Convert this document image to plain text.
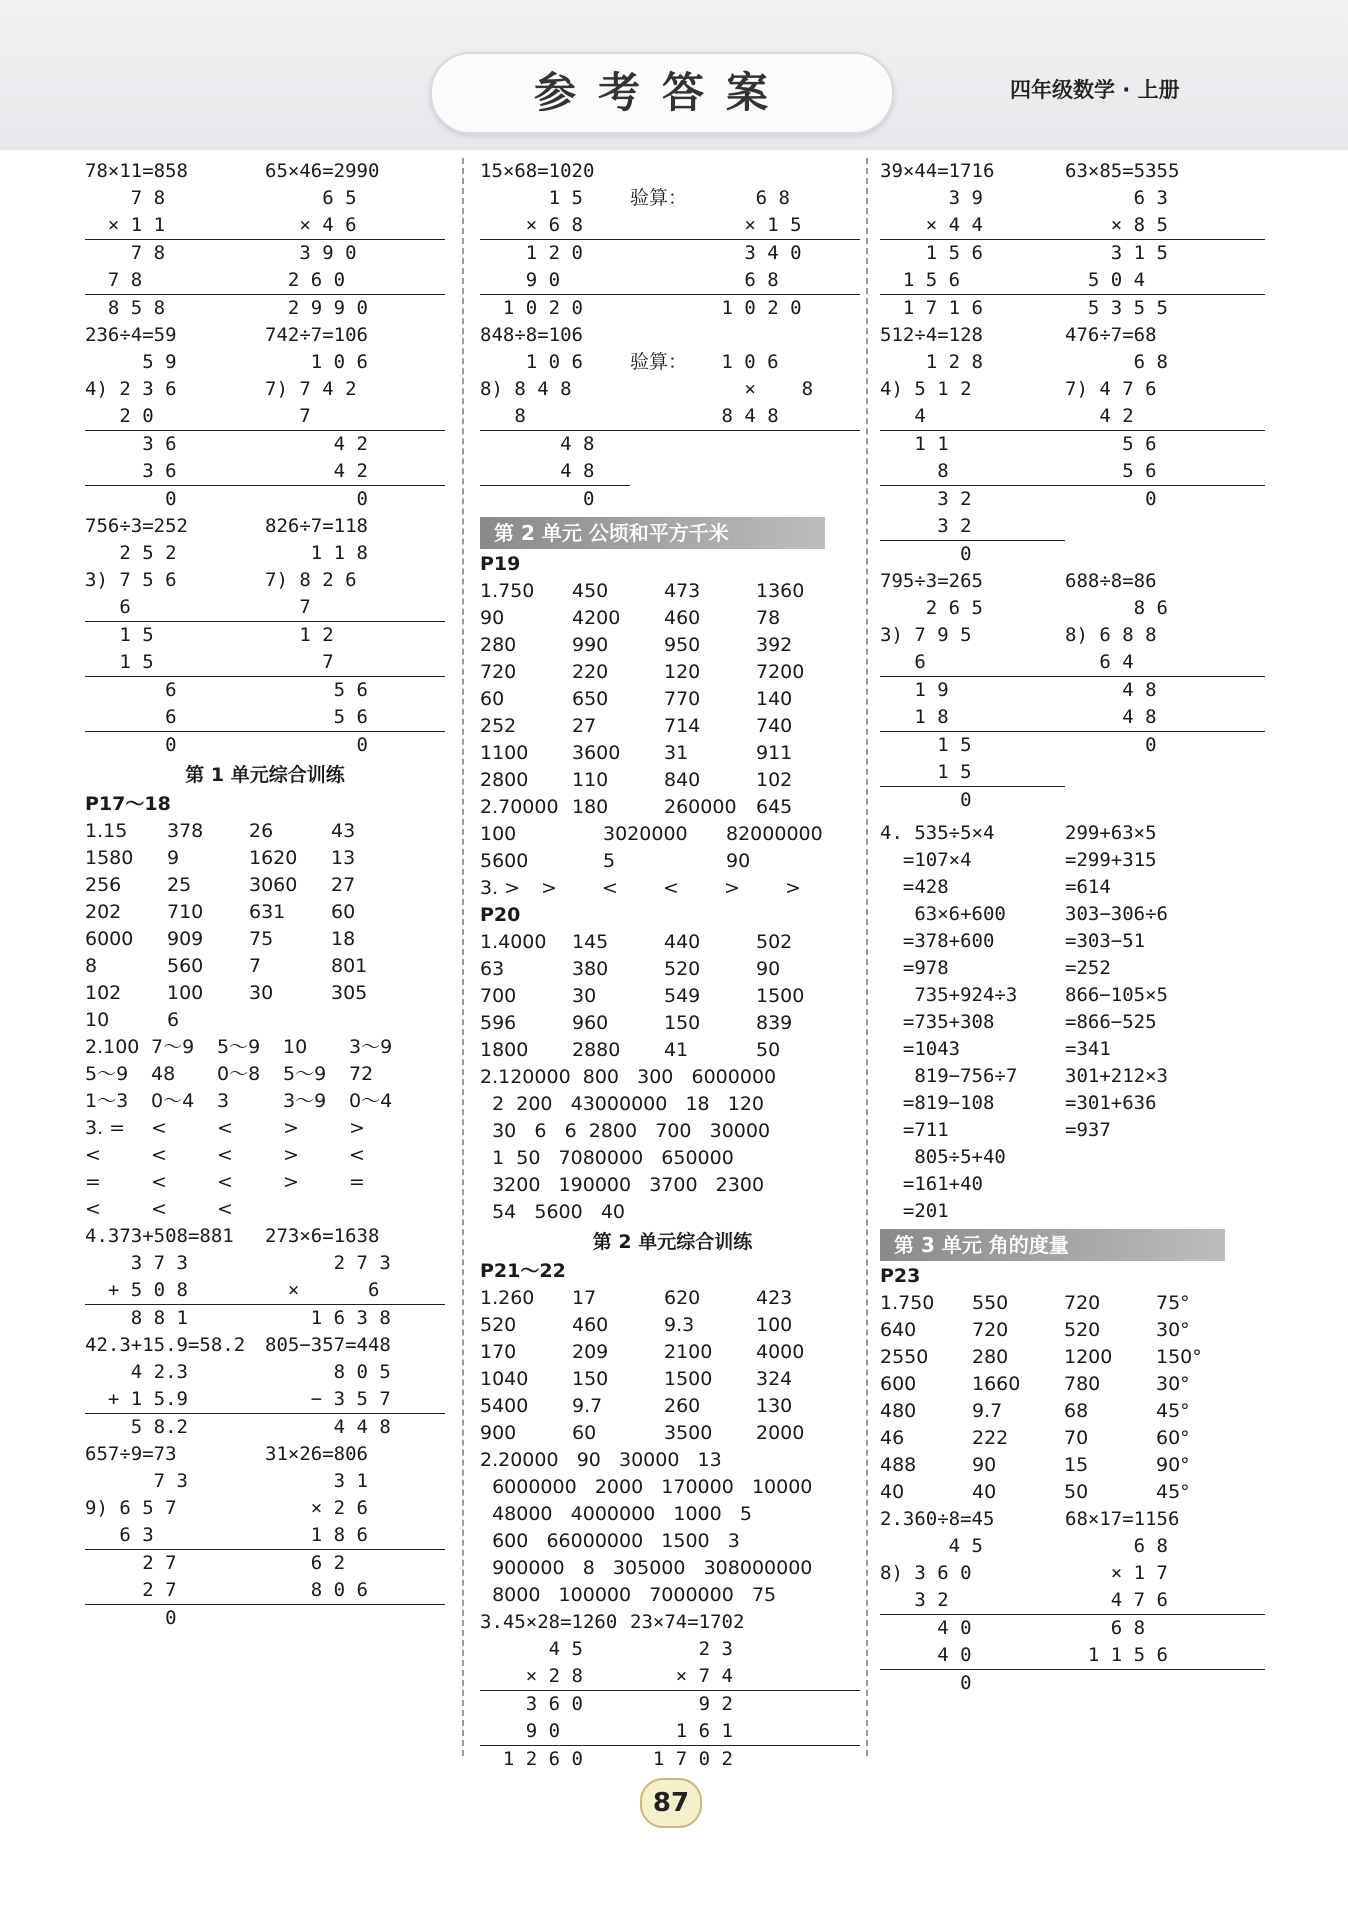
参考答案	四年级数学 · 上册
78×11=858	65×46=2990
7 8	6 5
× 1 1	× 4 6
7 8	3 9 0
7 8	2 6 0
8 5 8	2 9 9 0
236÷4=59	742÷7=106
5 9	1 0 6
4) 2 3 6	7) 7 4 2
2 0	7
3 6	4 2
3 6	4 2
0	0
756÷3=252	826÷7=118
2 5 2	1 1 8
3) 7 5 6	7) 8 2 6
6	7
1 5	1 2
1 5	7
6	5 6
6	5 6
0	0
第 1 单元综合训练
P17～18
1.15	378	26	43
1580	9	1620	13
256	25	3060	27
202	710	631	60
6000	909	75	18
8	560	7	801
102	100	30	305
10	6
2.100 7～9	5～9	10	3～9
5～9	48	0～8	5～9	72
1～3	0～4	3	3～9	0～4
3. =	<	<	>	>
<	<	<	>	<
=	<	<	>	=
<	<	<
4.373+508=881	273×6=1638
3 7 3	2 7 3
+ 5 0 8	×      6
8 8 1	1 6 3 8
42.3+15.9=58.2	805−357=448
4 2.3	8 0 5
+ 1 5.9	− 3 5 7
5 8.2	4 4 8
657÷9=73	31×26=806
7 3	3 1
9) 6 5 7	× 2 6
6 3	1 8 6
2 7	6 2
2 7	8 0 6
0
15×68=1020
1 5	验算：      6 8
× 6 8	× 1 5
1 2 0	3 4 0
9 0	6 8
1 0 2 0	1 0 2 0
848÷8=106
1 0 6	验算：   1 0 6
8) 8 4 8	×    8
8	8 4 8
4 8
4 8
0
第 2 单元 公顷和平方千米
P19
1.750	450	473	1360
90	4200	460	78
280	990	950	392
720	220	120	7200
60	650	770	140
252	27	714	740
1100	3600	31	911
2800	110	840	102
2.70000 180	260000	645
100	3020000	82000000
5600	5	90
3. >	>	<	<	>	>
P20
1.4000	145	440	502
63	380	520	90
700	30	549	1500
596	960	150	839
1800	2880	41	50
2.120000  800   300   6000000
2  200   43000000   18   120
30   6   6  2800   700   30000
1  50   7080000   650000
3200   190000   3700   2300
54   5600   40
第 2 单元综合训练
P21～22
1.260	17	620	423
520	460	9.3	100
170	209	2100	4000
1040	150	1500	324
5400	9.7	260	130
900	60	3500	2000
2.20000   90   30000   13
6000000   2000   170000   10000
48000   4000000   1000   5
600   66000000   1500   3
900000   8   305000   308000000
8000   100000   7000000   75
3.45×28=1260 23×74=1702
4 5	2 3
× 2 8	× 7 4
3 6 0	9 2
9 0	1 6 1
1 2 6 0	1 7 0 2
39×44=1716	63×85=5355
3 9	6 3
× 4 4	× 8 5
1 5 6	3 1 5
1 5 6	5 0 4
1 7 1 6	5 3 5 5
512÷4=128	476÷7=68
1 2 8	6 8
4) 5 1 2	7) 4 7 6
4	4 2
1 1	5 6
8	5 6
3 2	0
3 2
0
795÷3=265	688÷8=86
2 6 5	8 6
3) 7 9 5	8) 6 8 8
6	6 4
1 9	4 8
1 8	4 8
1 5	0
1 5
0
4. 535÷5×4	299+63×5
=107×4	=299+315
=428	=614
63×6+600	303−306÷6
=378+600	=303−51
=978	=252
735+924÷3	866−105×5
=735+308	=866−525
=1043	=341
819−756÷7	301+212×3
=819−108	=301+636
=711	=937
805÷5+40
=161+40
=201
第 3 单元 角的度量
P23
1.750	550	720	75°
640	720	520	30°
2550	280	1200	150°
600	1660	780	30°
480	9.7	68	45°
46	222	70	60°
488	90	15	90°
40	40	50	45°
2.360÷8=45	68×17=1156
4 5	6 8
8) 3 6 0	× 1 7
3 2	4 7 6
4 0	6 8
4 0	1 1 5 6
0
87
